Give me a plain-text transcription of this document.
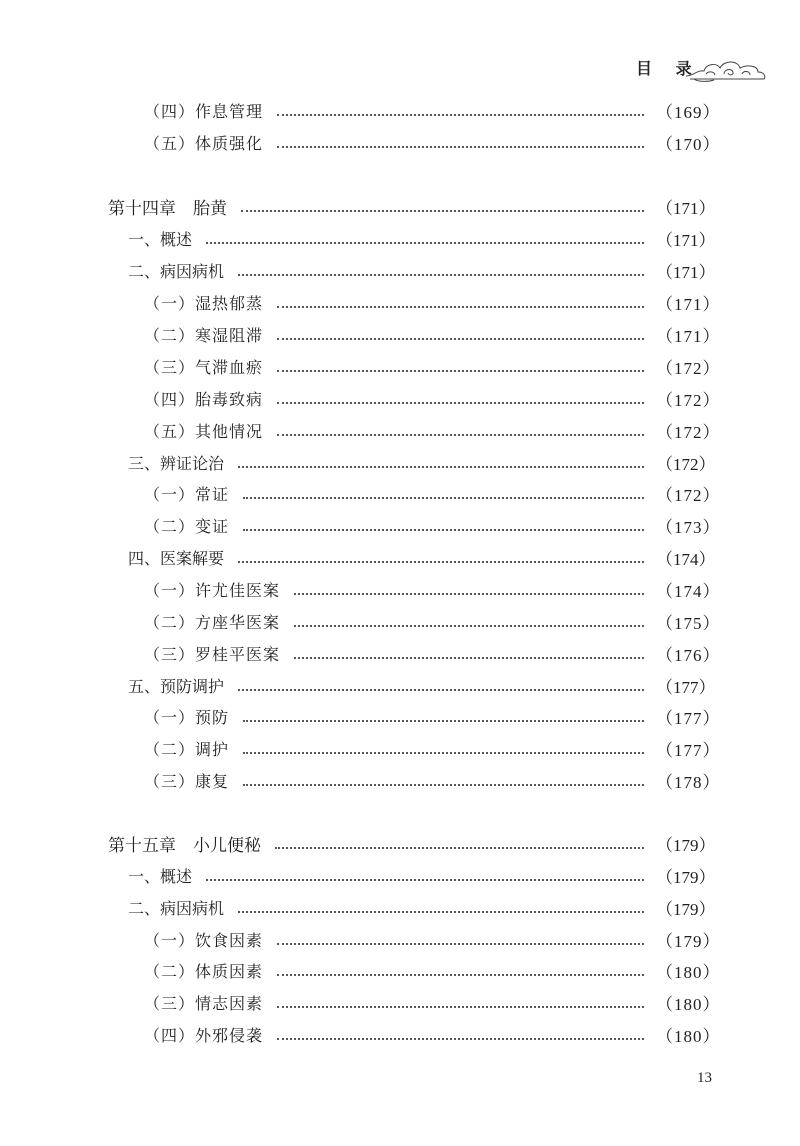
目 录
（四）作息管理	（169）
（五）体质强化	（170）
第十四章　胎黄	（171）
一、概述	（171）
二、病因病机	（171）
（一）湿热郁蒸	（171）
（二）寒湿阻滞	（171）
（三）气滞血瘀	（172）
（四）胎毒致病	（172）
（五）其他情况	（172）
三、辨证论治	（172）
（一）常证	（172）
（二）变证	（173）
四、医案解要	（174）
（一）许尤佳医案	（174）
（二）方座华医案	（175）
（三）罗桂平医案	（176）
五、预防调护	（177）
（一）预防	（177）
（二）调护	（177）
（三）康复	（178）
第十五章　小儿便秘	（179）
一、概述	（179）
二、病因病机	（179）
（一）饮食因素	（179）
（二）体质因素	（180）
（三）情志因素	（180）
（四）外邪侵袭	（180）
13
